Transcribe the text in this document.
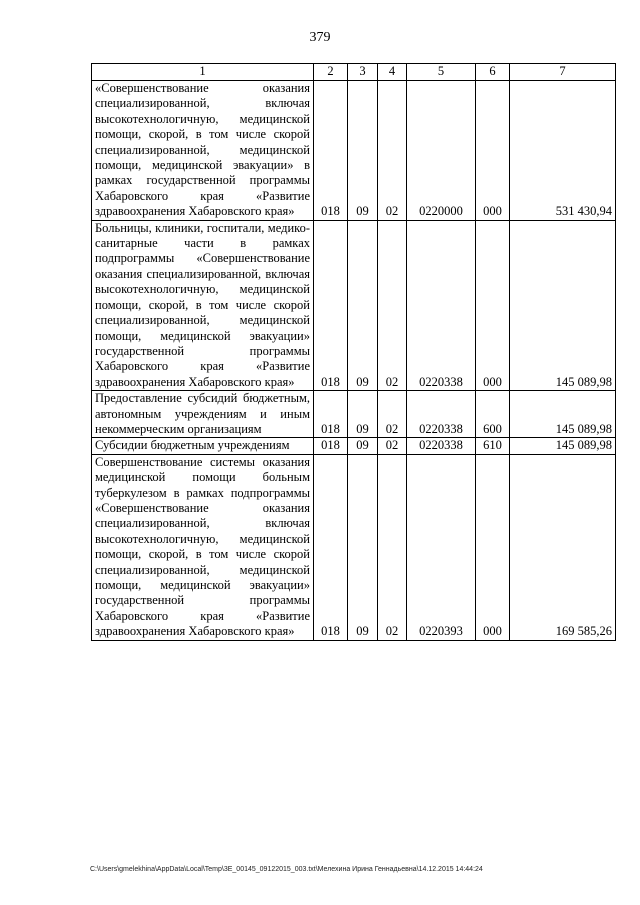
379
1	2	3	4	5	6	7
«Совершенствование оказания специализированной, включая высокотехнологичную, медицинской помощи, скорой, в том числе скорой специализированной, медицинской помощи, медицинской эвакуации» в рамках государственной программы Хабаровского края «Развитие здравоохранения Хабаровского края»	018	09	02	0220000	000	531 430,94
Больницы, клиники, госпитали, медико-санитарные части в рамках подпрограммы «Совершенствование оказания специализированной, включая высокотехнологичную, медицинской помощи, скорой, в том числе скорой специализированной, медицинской помощи, медицинской эвакуации» государственной программы Хабаровского края «Развитие здравоохранения Хабаровского края»	018	09	02	0220338	000	145 089,98
Предоставление субсидий бюджетным, автономным учреждениям и иным некоммерческим организациям	018	09	02	0220338	600	145 089,98
Субсидии бюджетным учреждениям	018	09	02	0220338	610	145 089,98
Совершенствование системы оказания медицинской помощи больным туберкулезом в рамках подпрограммы «Совершенствование оказания специализированной, включая высокотехнологичную, медицинской помощи, скорой, в том числе скорой специализированной, медицинской помощи, медицинской эвакуации» государственной программы Хабаровского края «Развитие здравоохранения Хабаровского края»	018	09	02	0220393	000	169 585,26
C:\Users\gmelekhina\AppData\Local\Temp\3E_00145_09122015_003.txt\Мелехина Ирина Геннадьевна\14.12.2015 14:44:24
